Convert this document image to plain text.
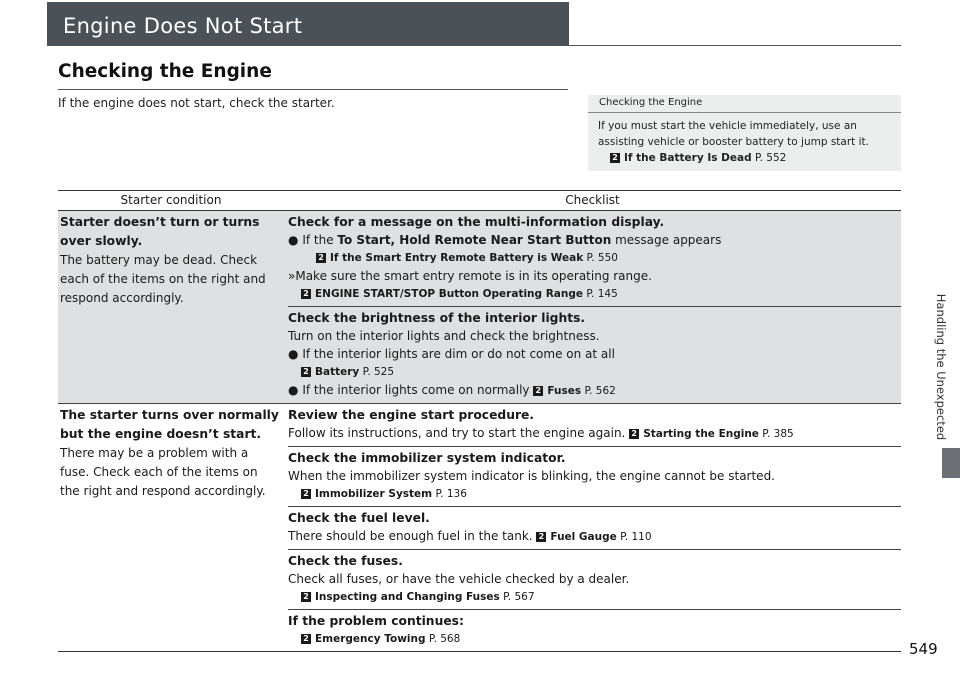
Engine Does Not Start
Checking the Engine
If the engine does not start, check the starter.	Checking the Engine
If you must start the vehicle immediately, use an
assisting vehicle or booster battery to jump start it.
2 If the Battery Is Dead P. 552
Starter condition	Checklist
Starter doesn’t turn or turns
over slowly.
The battery may be dead. Check
each of the items on the right and
respond accordingly.
Check for a message on the multi-information display.
● If the To Start, Hold Remote Near Start Button message appears
2 If the Smart Entry Remote Battery is Weak P. 550
»Make sure the smart entry remote is in its operating range.
2 ENGINE START/STOP Button Operating Range P. 145
Check the brightness of the interior lights.
Turn on the interior lights and check the brightness.
● If the interior lights are dim or do not come on at all
2 Battery P. 525
● If the interior lights come on normally 2 Fuses P. 562
The starter turns over normally
but the engine doesn’t start.
There may be a problem with a
fuse. Check each of the items on
the right and respond accordingly.
Review the engine start procedure.
Follow its instructions, and try to start the engine again. 2 Starting the Engine P. 385
Check the immobilizer system indicator.
When the immobilizer system indicator is blinking, the engine cannot be started.
2 Immobilizer System P. 136
Check the fuel level.
There should be enough fuel in the tank. 2 Fuel Gauge P. 110
Check the fuses.
Check all fuses, or have the vehicle checked by a dealer.
2 Inspecting and Changing Fuses P. 567
If the problem continues:
2 Emergency Towing P. 568
Handling the Unexpected
549
